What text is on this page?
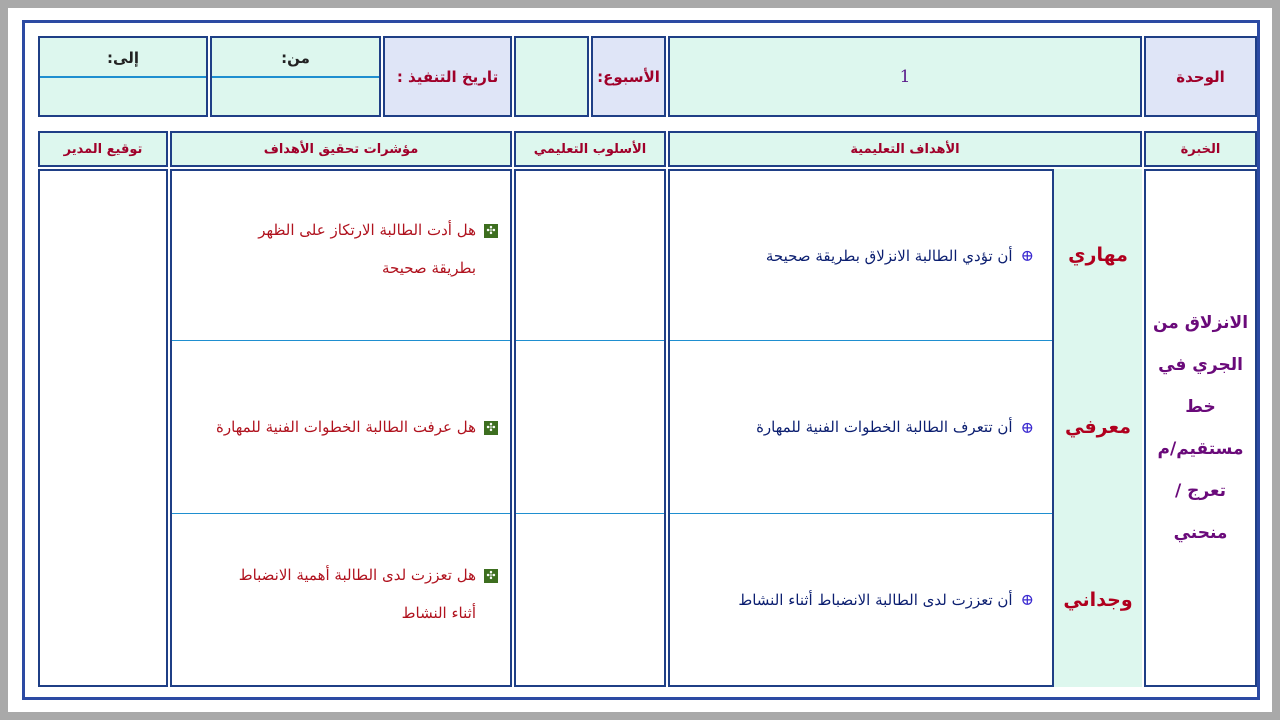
الوحدة
1
الأسبوع:
تاريخ التنفيذ :
من:
إلى:
الخبرة
الأهداف التعليمية
الأسلوب التعليمي
مؤشرات تحقيق الأهداف
توقيع المدير
الانزلاق من
الجري في
خط
مستقيم/م
تعرج /
منحني
مهاري
معرفي
وجداني
⊕
أن تؤدي الطالبة الانزلاق بطريقة صحيحة
⊕
أن تتعرف الطالبة الخطوات الفنية للمهارة
⊕
أن تعززت لدى الطالبة الانضباط أثناء النشاط
✣هل أدت الطالبة الارتكاز على الظهر
بطريقة صحيحة
✣هل عرفت الطالبة الخطوات الفنية للمهارة
✣هل تعززت لدى الطالبة أهمية الانضباط
أثناء النشاط
